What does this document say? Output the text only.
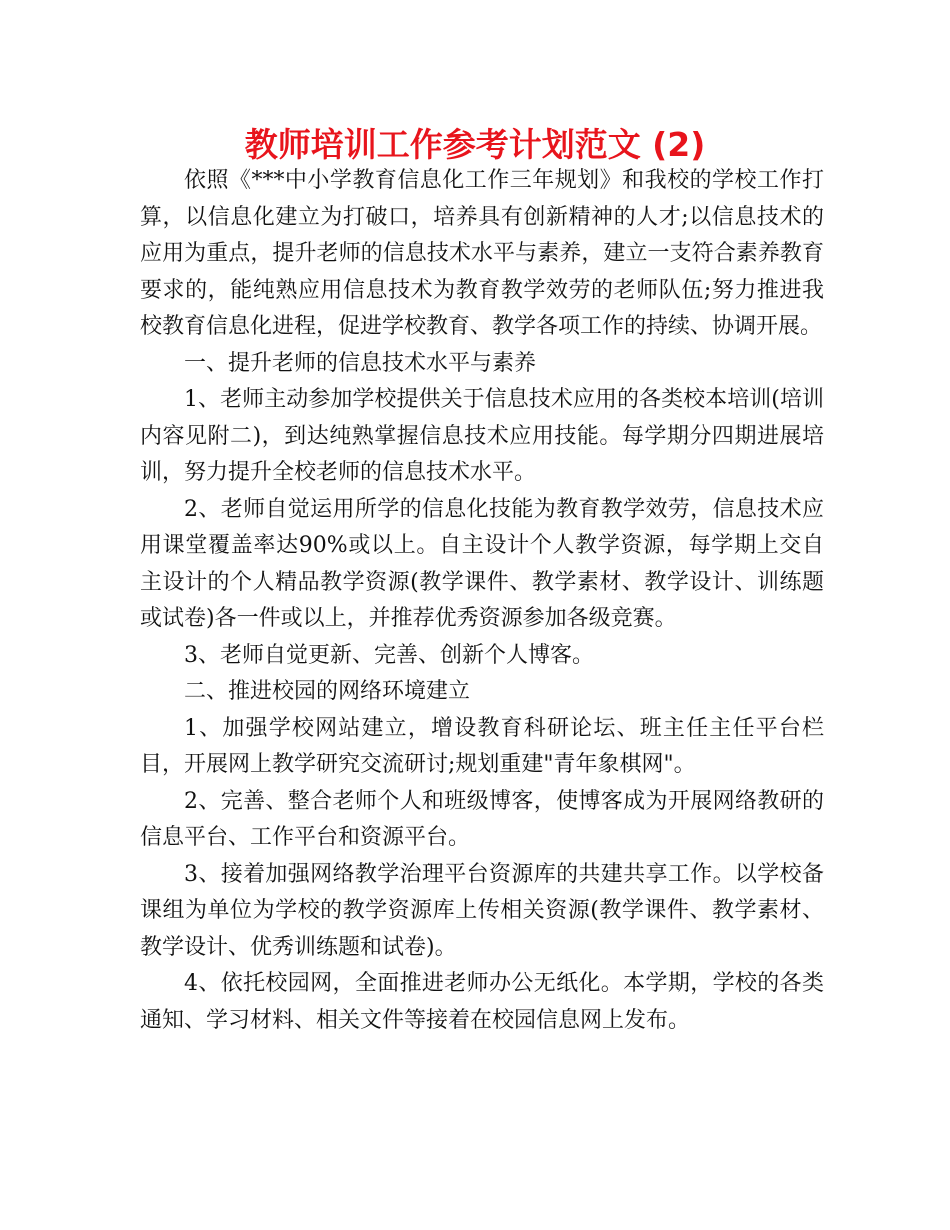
教师培训工作参考计划范文 (2)

依照《***中小学教育信息化工作三年规划》和我校的学校工作打算，以信息化建立为打破口，培养具有创新精神的人才;以信息技术的应用为重点，提升老师的信息技术水平与素养，建立一支符合素养教育要求的，能纯熟应用信息技术为教育教学效劳的老师队伍;努力推进我校教育信息化进程，促进学校教育、教学各项工作的持续、协调开展。

一、提升老师的信息技术水平与素养

1、老师主动参加学校提供关于信息技术应用的各类校本培训(培训内容见附二)，到达纯熟掌握信息技术应用技能。每学期分四期进展培训，努力提升全校老师的信息技术水平。

2、老师自觉运用所学的信息化技能为教育教学效劳，信息技术应用课堂覆盖率达90%或以上。自主设计个人教学资源，每学期上交自主设计的个人精品教学资源(教学课件、教学素材、教学设计、训练题或试卷)各一件或以上，并推荐优秀资源参加各级竞赛。

3、老师自觉更新、完善、创新个人博客。

二、推进校园的网络环境建立

1、加强学校网站建立，增设教育科研论坛、班主任主任平台栏目，开展网上教学研究交流研讨;规划重建"青年象棋网"。

2、完善、整合老师个人和班级博客，使博客成为开展网络教研的信息平台、工作平台和资源平台。

3、接着加强网络教学治理平台资源库的共建共享工作。以学校备课组为单位为学校的教学资源库上传相关资源(教学课件、教学素材、教学设计、优秀训练题和试卷)。

4、依托校园网，全面推进老师办公无纸化。本学期，学校的各类通知、学习材料、相关文件等接着在校园信息网上发布。
